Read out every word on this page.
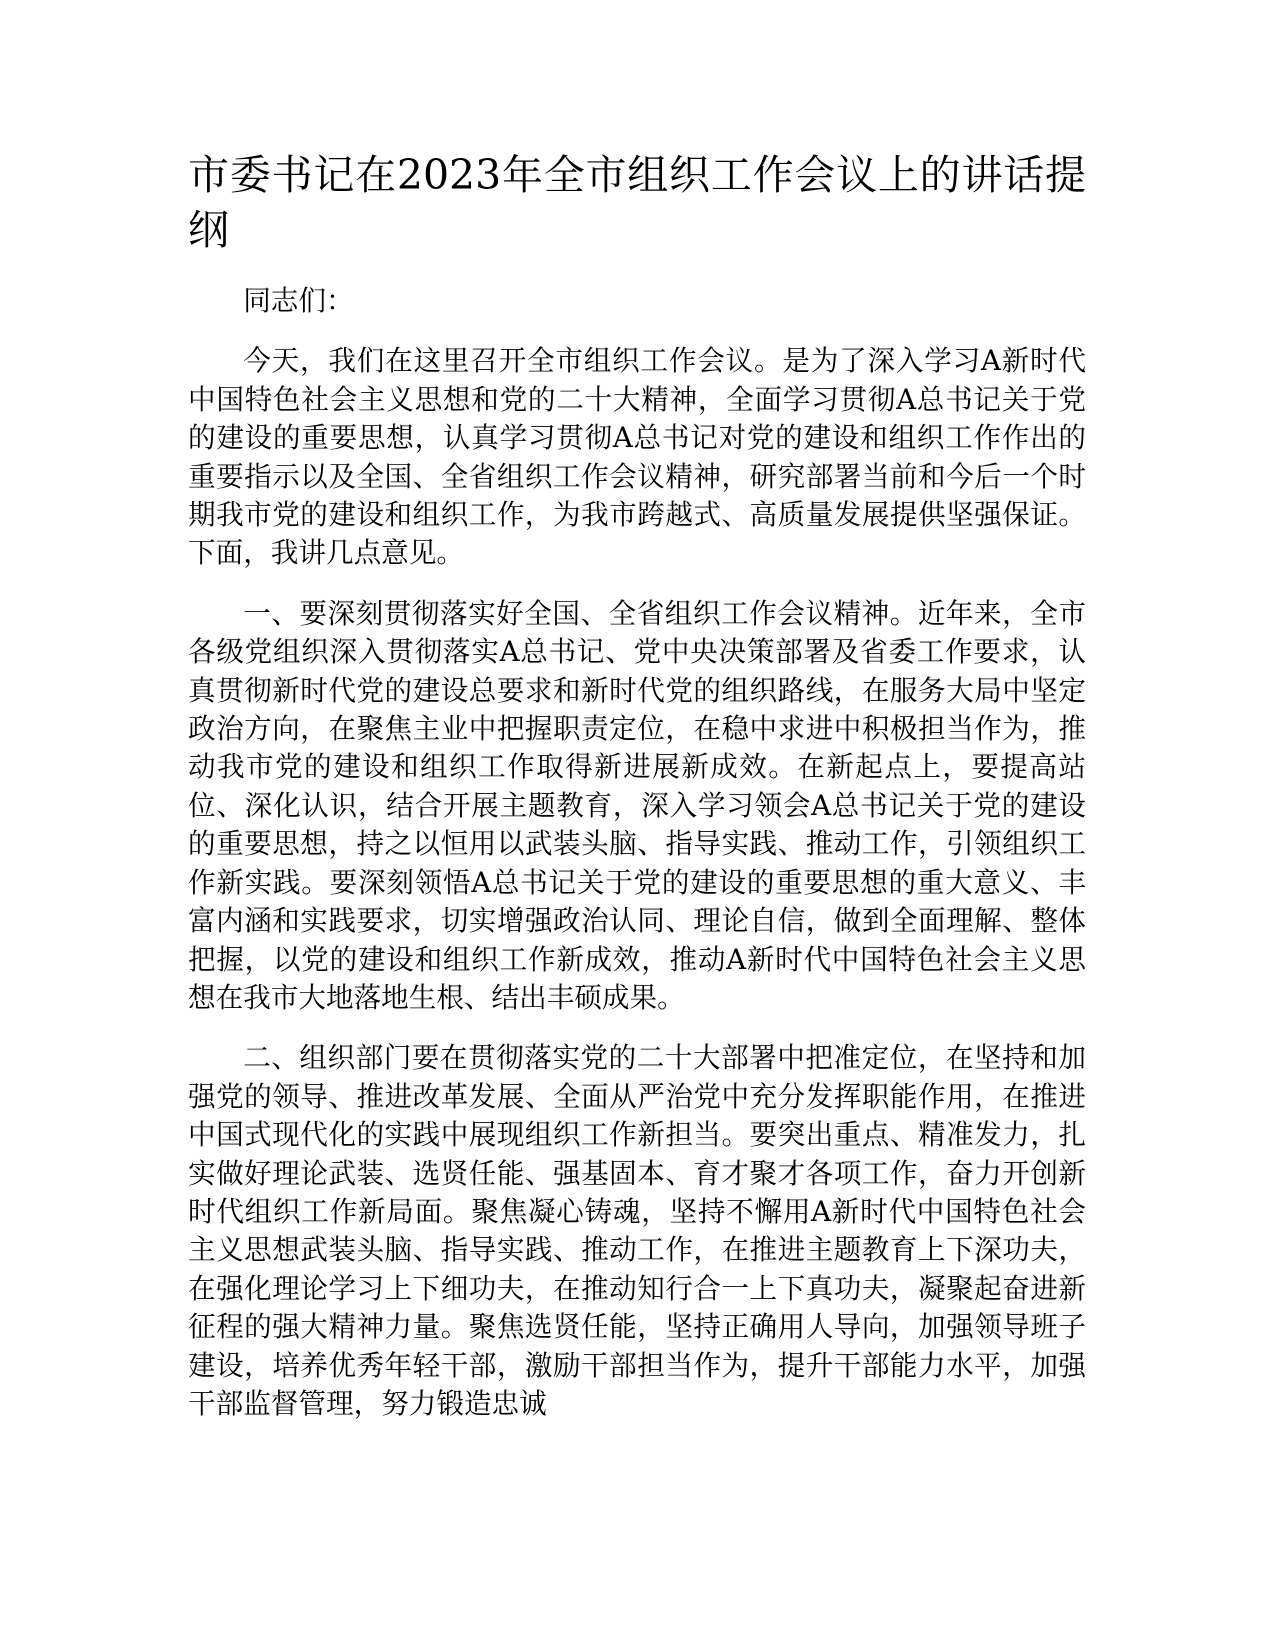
市委书记在2023年全市组织工作会议上的讲话提纲

同志们：

今天，我们在这里召开全市组织工作会议。是为了深入学习A新时代中国特色社会主义思想和党的二十大精神，全面学习贯彻A总书记关于党的建设的重要思想，认真学习贯彻A总书记对党的建设和组织工作作出的重要指示以及全国、全省组织工作会议精神，研究部署当前和今后一个时期我市党的建设和组织工作，为我市跨越式、高质量发展提供坚强保证。下面，我讲几点意见。

一、要深刻贯彻落实好全国、全省组织工作会议精神。近年来，全市各级党组织深入贯彻落实A总书记、党中央决策部署及省委工作要求，认真贯彻新时代党的建设总要求和新时代党的组织路线，在服务大局中坚定政治方向，在聚焦主业中把握职责定位，在稳中求进中积极担当作为，推动我市党的建设和组织工作取得新进展新成效。在新起点上，要提高站位、深化认识，结合开展主题教育，深入学习领会A总书记关于党的建设的重要思想，持之以恒用以武装头脑、指导实践、推动工作，引领组织工作新实践。要深刻领悟A总书记关于党的建设的重要思想的重大意义、丰富内涵和实践要求，切实增强政治认同、理论自信，做到全面理解、整体把握，以党的建设和组织工作新成效，推动A新时代中国特色社会主义思想在我市大地落地生根、结出丰硕成果。

二、组织部门要在贯彻落实党的二十大部署中把准定位，在坚持和加强党的领导、推进改革发展、全面从严治党中充分发挥职能作用，在推进中国式现代化的实践中展现组织工作新担当。要突出重点、精准发力，扎实做好理论武装、选贤任能、强基固本、育才聚才各项工作，奋力开创新时代组织工作新局面。聚焦凝心铸魂，坚持不懈用A新时代中国特色社会主义思想武装头脑、指导实践、推动工作，在推进主题教育上下深功夫，在强化理论学习上下细功夫，在推动知行合一上下真功夫，凝聚起奋进新征程的强大精神力量。聚焦选贤任能，坚持正确用人导向，加强领导班子建设，培养优秀年轻干部，激励干部担当作为，提升干部能力水平，加强干部监督管理，努力锻造忠诚
